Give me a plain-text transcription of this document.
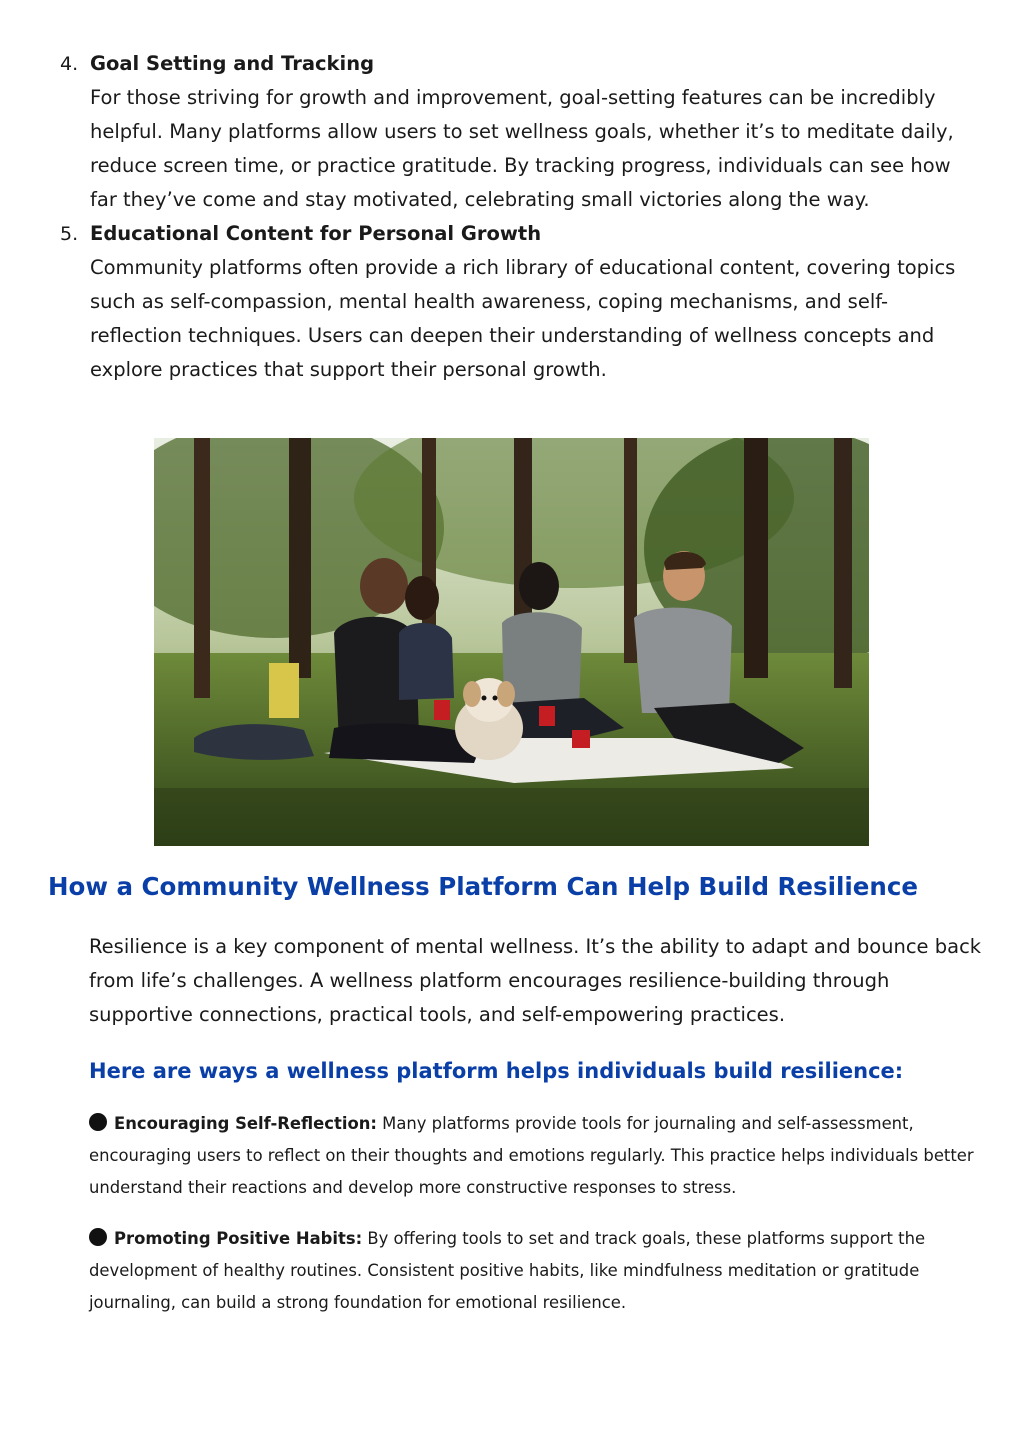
4. Goal Setting and Tracking

For those striving for growth and improvement, goal-setting features can be incredibly helpful. Many platforms allow users to set wellness goals, whether it’s to meditate daily, reduce screen time, or practice gratitude. By tracking progress, individuals can see how far they’ve come and stay motivated, celebrating small victories along the way.

5. Educational Content for Personal Growth

Community platforms often provide a rich library of educational content, covering topics such as self-compassion, mental health awareness, coping mechanisms, and self-reflection techniques. Users can deepen their understanding of wellness concepts and explore practices that support their personal growth.

How a Community Wellness Platform Can Help Build Resilience

Resilience is a key component of mental wellness. It’s the ability to adapt and bounce back from life’s challenges. A wellness platform encourages resilience-building through supportive connections, practical tools, and self-empowering practices.

Here are ways a wellness platform helps individuals build resilience:

Encouraging Self-Reflection: Many platforms provide tools for journaling and self-assessment, encouraging users to reflect on their thoughts and emotions regularly. This practice helps individuals better understand their reactions and develop more constructive responses to stress.

Promoting Positive Habits: By offering tools to set and track goals, these platforms support the development of healthy routines. Consistent positive habits, like mindfulness meditation or gratitude journaling, can build a strong foundation for emotional resilience.
